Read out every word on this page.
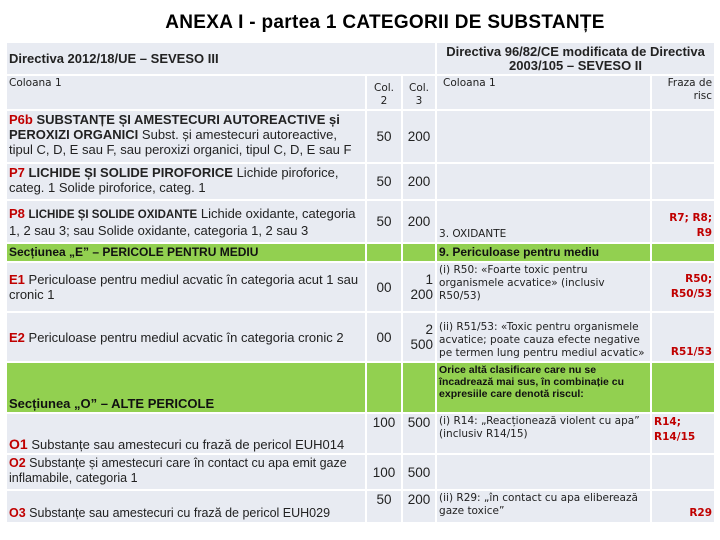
ANEXA I - partea 1 CATEGORII DE SUBSTANȚE
Directiva 2012/18/UE – SEVESO III			Directiva 96/82/CE modificata de Directiva 2003/105 – SEVESO II	
Coloana 1	Col. 2	Col. 3	Coloana 1	Fraza de risc
P6b SUBSTANȚE ȘI AMESTECURI AUTOREACTIVE și PEROXIZI ORGANICI Subst. și amestecuri autoreactive, tipul C, D, E sau F, sau peroxizi organici, tipul C, D, E sau F	50	200		
P7 LICHIDE ȘI SOLIDE PIROFORICE Lichide piroforice, categ. 1 Solide piroforice, categ. 1	50	200		
P8 LICHIDE ȘI SOLIDE OXIDANTE Lichide oxidante, categoria 1, 2 sau 3; sau Solide oxidante, categoria 1, 2 sau 3	50	200	3. OXIDANTE	R7; R8; R9
Secțiunea „E” – PERICOLE PENTRU MEDIU			9. Periculoase pentru mediu	
E1 Periculoase pentru mediul acvatic în categoria acut 1 sau cronic 1	00	1 200	(i) R50: «Foarte toxic pentru organismele acvatice» (inclusiv R50/53)	R50; R50/53
E2 Periculoase pentru mediul acvatic în categoria cronic 2	00	2 500	(ii) R51/53: «Toxic pentru organismele acvatice; poate cauza efecte negative pe termen lung pentru mediul acvatic»	R51/53
Secțiunea „O” – ALTE PERICOLE			Orice altă clasificare care nu se încadrează mai sus, în combinație cu expresiile care denotă riscul:	
O1 Substanțe sau amestecuri cu frază de pericol EUH014	100	500	(i) R14: „Reacționează violent cu apa” (inclusiv R14/15)	R14; R14/15
O2 Substanțe și amestecuri care în contact cu apa emit gaze inflamabile, categoria 1	100	500		
O3 Substanțe sau amestecuri cu frază de pericol EUH029	50	200	(ii) R29: „în contact cu apa eliberează gaze toxice”	R29
